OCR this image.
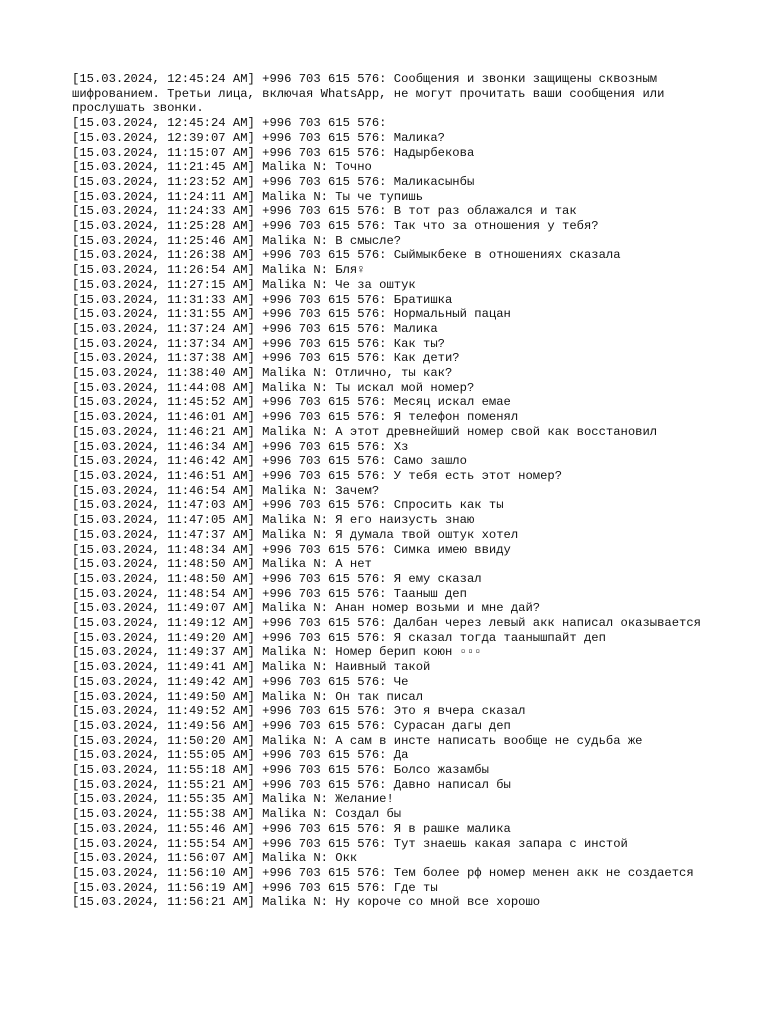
[15.03.2024, 12:45:24 AM] +996 703 615 576: Сообщения и звонки защищены сквозным шифрованием. Третьи лица, включая WhatsApp, не могут прочитать ваши сообщения или прослушать звонки.
[15.03.2024, 12:45:24 AM] +996 703 615 576:
[15.03.2024, 12:39:07 AM] +996 703 615 576: Малика?
[15.03.2024, 11:15:07 AM] +996 703 615 576: Надырбекова
[15.03.2024, 11:21:45 AM] Malika N: Точно
[15.03.2024, 11:23:52 AM] +996 703 615 576: Маликасынбы
[15.03.2024, 11:24:11 AM] Malika N: Ты че тупишь
[15.03.2024, 11:24:33 AM] +996 703 615 576: В тот раз облажался и так
[15.03.2024, 11:25:28 AM] +996 703 615 576: Так что за отношения у тебя?
[15.03.2024, 11:25:46 AM] Malika N: В смысле?
[15.03.2024, 11:26:38 AM] +996 703 615 576: Сыймыкбеке в отношениях сказала
[15.03.2024, 11:26:54 AM] Malika N: Бля♀
[15.03.2024, 11:27:15 AM] Malika N: Че за оштук
[15.03.2024, 11:31:33 AM] +996 703 615 576: Братишка
[15.03.2024, 11:31:55 AM] +996 703 615 576: Нормальный пацан
[15.03.2024, 11:37:24 AM] +996 703 615 576: Малика
[15.03.2024, 11:37:34 AM] +996 703 615 576: Как ты?
[15.03.2024, 11:37:38 AM] +996 703 615 576: Как дети?
[15.03.2024, 11:38:40 AM] Malika N: Отлично, ты как?
[15.03.2024, 11:44:08 AM] Malika N: Ты искал мой номер?
[15.03.2024, 11:45:52 AM] +996 703 615 576: Месяц искал емае
[15.03.2024, 11:46:01 AM] +996 703 615 576: Я телефон поменял
[15.03.2024, 11:46:21 AM] Malika N: А этот древнейший номер свой как восстановил
[15.03.2024, 11:46:34 AM] +996 703 615 576: Хз
[15.03.2024, 11:46:42 AM] +996 703 615 576: Само зашло
[15.03.2024, 11:46:51 AM] +996 703 615 576: У тебя есть этот номер?
[15.03.2024, 11:46:54 AM] Malika N: Зачем?
[15.03.2024, 11:47:03 AM] +996 703 615 576: Спросить как ты
[15.03.2024, 11:47:05 AM] Malika N: Я его наизусть знаю
[15.03.2024, 11:47:37 AM] Malika N: Я думала твой оштук хотел
[15.03.2024, 11:48:34 AM] +996 703 615 576: Симка имею ввиду
[15.03.2024, 11:48:50 AM] Malika N: А нет
[15.03.2024, 11:48:50 AM] +996 703 615 576: Я ему сказал
[15.03.2024, 11:48:54 AM] +996 703 615 576: Тааныш деп
[15.03.2024, 11:49:07 AM] Malika N: Анан номер возьми и мне дай?
[15.03.2024, 11:49:12 AM] +996 703 615 576: Далбан через левый акк написал оказывается
[15.03.2024, 11:49:20 AM] +996 703 615 576: Я сказал тогда таанышпайт деп
[15.03.2024, 11:49:37 AM] Malika N: Номер берип коюн ▫▫▫
[15.03.2024, 11:49:41 AM] Malika N: Наивный такой
[15.03.2024, 11:49:42 AM] +996 703 615 576: Че
[15.03.2024, 11:49:50 AM] Malika N: Он так писал
[15.03.2024, 11:49:52 AM] +996 703 615 576: Это я вчера сказал
[15.03.2024, 11:49:56 AM] +996 703 615 576: Сурасан дагы деп
[15.03.2024, 11:50:20 AM] Malika N: А сам в инсте написать вообще не судьба же
[15.03.2024, 11:55:05 AM] +996 703 615 576: Да
[15.03.2024, 11:55:18 AM] +996 703 615 576: Болсо жазамбы
[15.03.2024, 11:55:21 AM] +996 703 615 576: Давно написал бы
[15.03.2024, 11:55:35 AM] Malika N: Желание!
[15.03.2024, 11:55:38 AM] Malika N: Создал бы
[15.03.2024, 11:55:46 AM] +996 703 615 576: Я в рашке малика
[15.03.2024, 11:55:54 AM] +996 703 615 576: Тут знаешь какая запара с инстой
[15.03.2024, 11:56:07 AM] Malika N: Окк
[15.03.2024, 11:56:10 AM] +996 703 615 576: Тем более рф номер менен акк не создается
[15.03.2024, 11:56:19 AM] +996 703 615 576: Где ты
[15.03.2024, 11:56:21 AM] Malika N: Ну короче со мной все хорошо
